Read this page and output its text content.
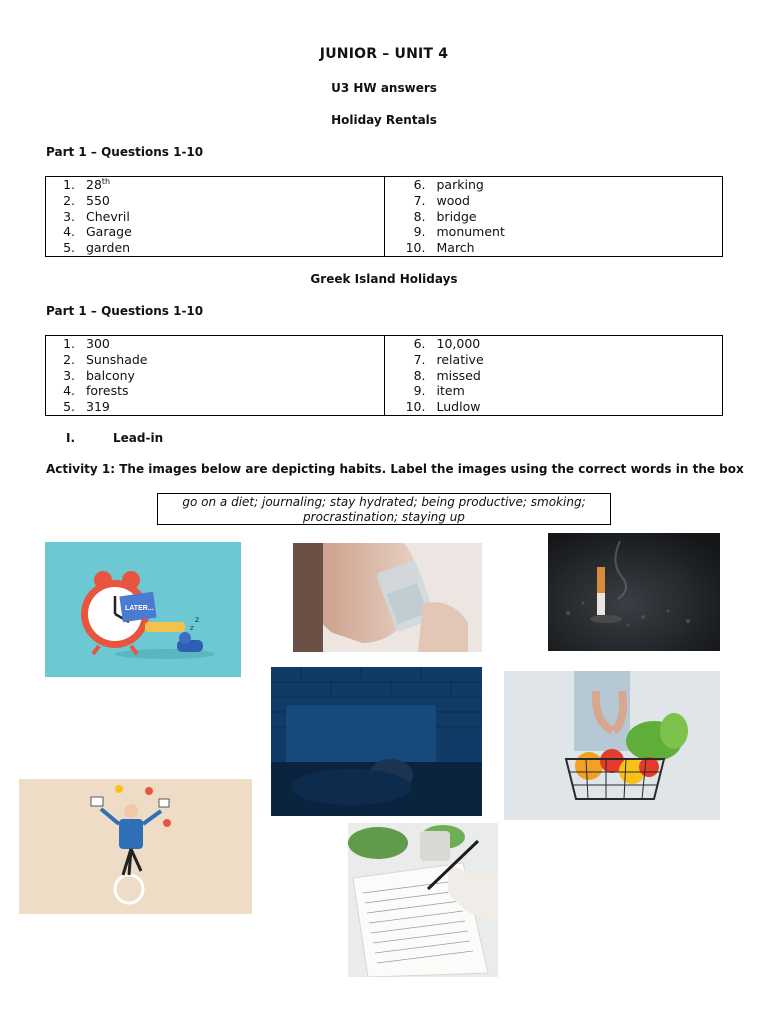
JUNIOR – UNIT 4
U3 HW answers
Holiday Rentals
Part 1 – Questions 1-10
1. 28th
2. 550
3. Chevril
4. Garage
5. garden

6. parking
7. wood
8. bridge
9. monument
10. March
Greek Island Holidays
Part 1 – Questions 1-10
1. 300
2. Sunshade
3. balcony
4. forests
5. 319

6. 10,000
7. relative
8. missed
9. item
10. Ludlow
I.	Lead-in
Activity 1: The images below are depicting habits. Label the images using the correct words in the box
go on a diet; journaling; stay hydrated; being productive; smoking; procrastination; staying up
LATER...
z
z
